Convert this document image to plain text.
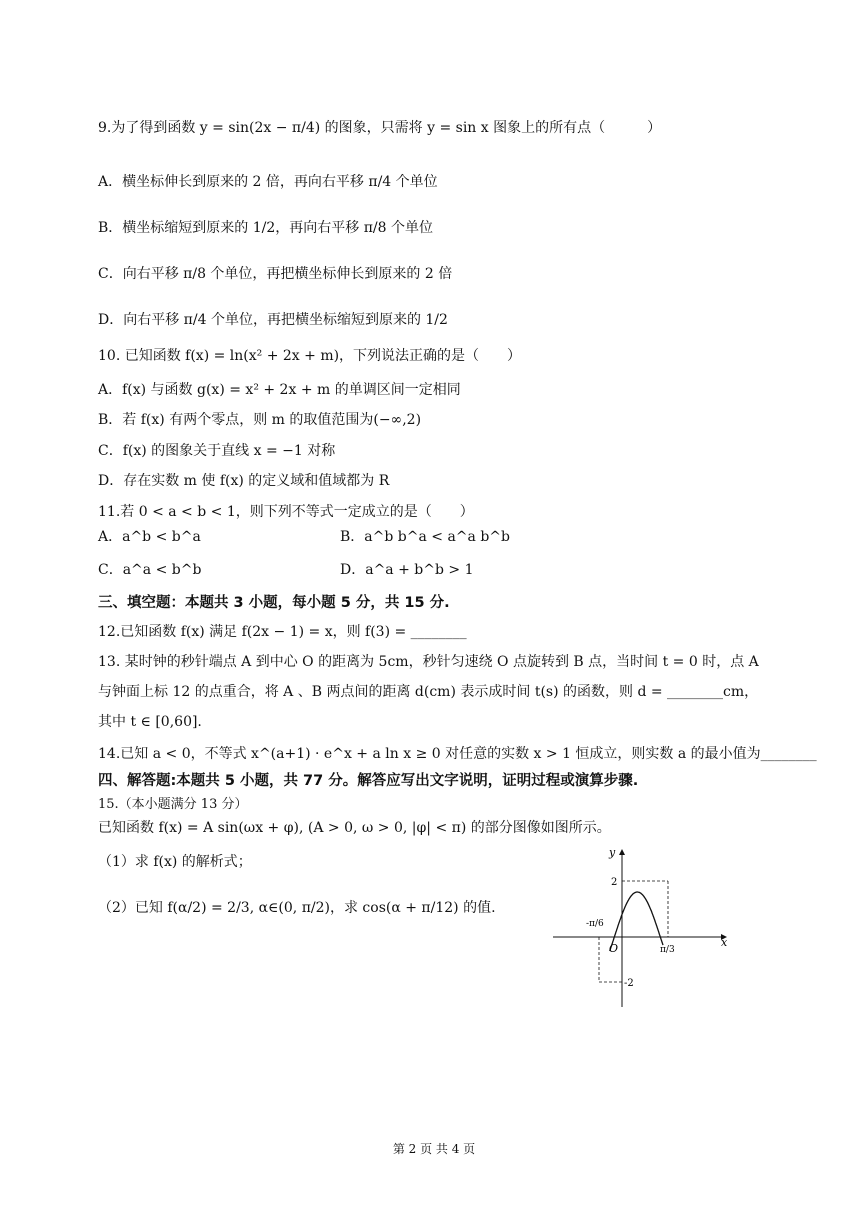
9.为了得到函数 y = sin(2x − π/4) 的图象，只需将 y = sin x 图象上的所有点（　　　）
A．横坐标伸长到原来的 2 倍，再向右平移 π/4 个单位
B．横坐标缩短到原来的 1/2，再向右平移 π/8 个单位
C．向右平移 π/8 个单位，再把横坐标伸长到原来的 2 倍
D．向右平移 π/4 个单位，再把横坐标缩短到原来的 1/2
10. 已知函数 f(x) = ln(x² + 2x + m)，下列说法正确的是（　　）
A．f(x) 与函数 g(x) = x² + 2x + m 的单调区间一定相同
B．若 f(x) 有两个零点，则 m 的取值范围为(−∞,2)
C．f(x) 的图象关于直线 x = −1 对称
D．存在实数 m 使 f(x) 的定义域和值域都为 R
11.若 0 < a < b < 1，则下列不等式一定成立的是（　　）
A．a^b < b^a	B．a^b b^a < a^a b^b
C．a^a < b^b	D．a^a + b^b > 1
三、填空题：本题共 3 小题，每小题 5 分，共 15 分.
12.已知函数 f(x) 满足 f(2x − 1) = x，则 f(3) = ________
13. 某时钟的秒针端点 A 到中心 O 的距离为 5cm，秒针匀速绕 O 点旋转到 B 点，当时间 t = 0 时，点 A
与钟面上标 12 的点重合，将 A 、B 两点间的距离 d(cm) 表示成时间 t(s) 的函数，则 d = ________cm，
其中 t ∈ [0,60].
14.已知 a < 0，不等式 x^(a+1) · e^x + a ln x ≥ 0 对任意的实数 x > 1 恒成立，则实数 a 的最小值为________
四、解答题:本题共 5 小题，共 77 分。解答应写出文字说明，证明过程或演算步骤.
15.（本小题满分 13 分）
已知函数 f(x) = A sin(ωx + φ), (A > 0, ω > 0, |φ| < π) 的部分图像如图所示。
（1）求 f(x) 的解析式；
（2）已知 f(α/2) = 2/3, α∈(0, π/2)，求 cos(α + π/12) 的值.
y
x
O
2
-2
-π/6
π/3
第 2 页 共 4 页
